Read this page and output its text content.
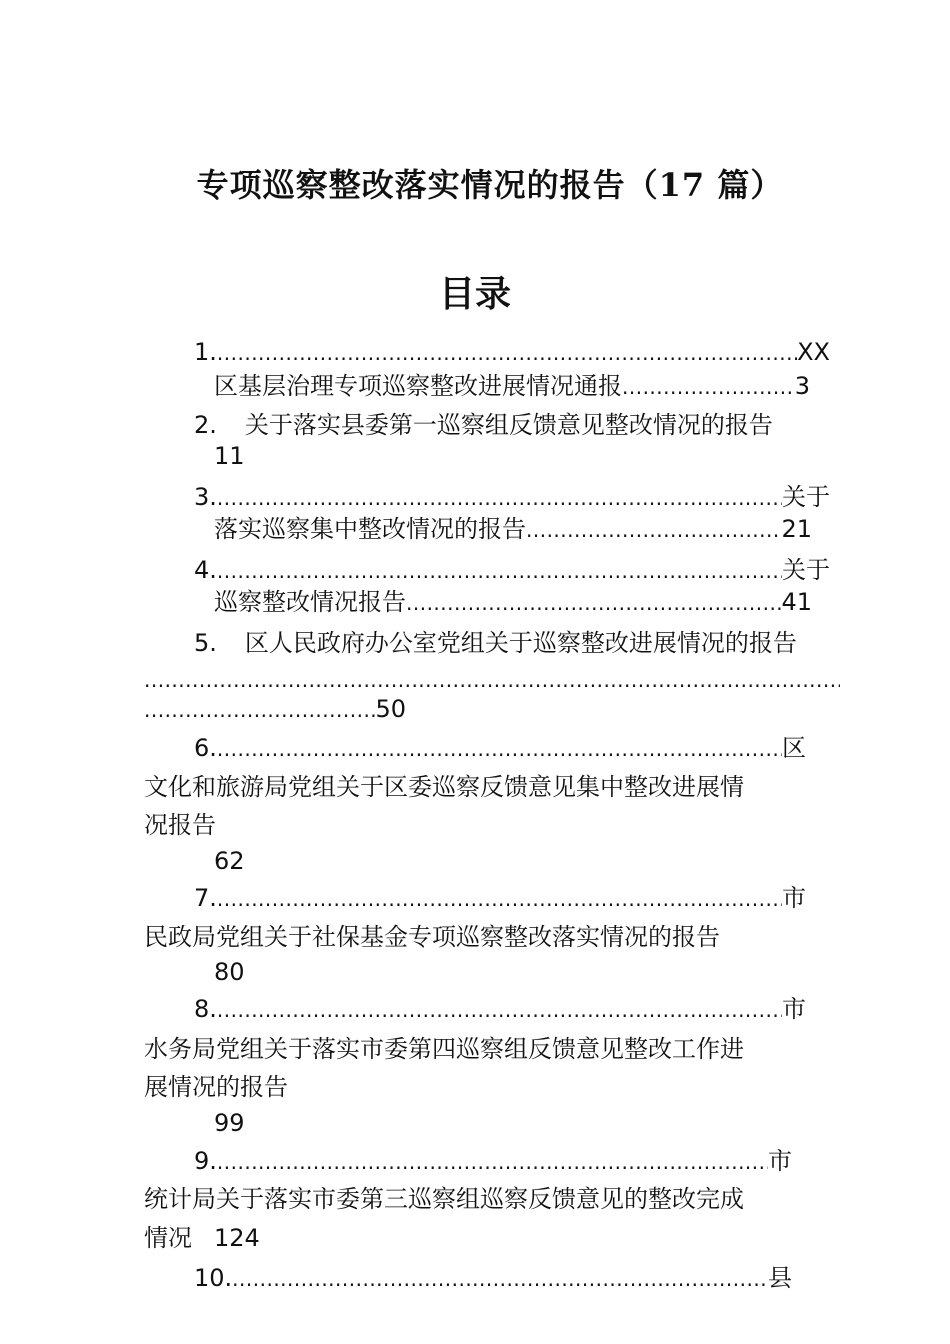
专项巡察整改落实情况的报告（17 篇）
目录
1. .....	XX
区基层治理专项巡察整改进展情况通报 .....	3
2. 关于落实县委第一巡察组反馈意见整改情况的报告
11
3. .....	关于
落实巡察集中整改情况的报告 .....	21
4. .....	关于
巡察整改情况报告 .....	41
5. 区人民政府办公室党组关于巡察整改进展情况的报告
.....
.....
50
6. .....	区
文化和旅游局党组关于区委巡察反馈意见集中整改进展情
况报告
62
7. .....	市
民政局党组关于社保基金专项巡察整改落实情况的报告
80
8. .....	市
水务局党组关于落实市委第四巡察组反馈意见整改工作进
展情况的报告
99
9. .....	市
统计局关于落实市委第三巡察组巡察反馈意见的整改完成
情况 124
10. .....	县
